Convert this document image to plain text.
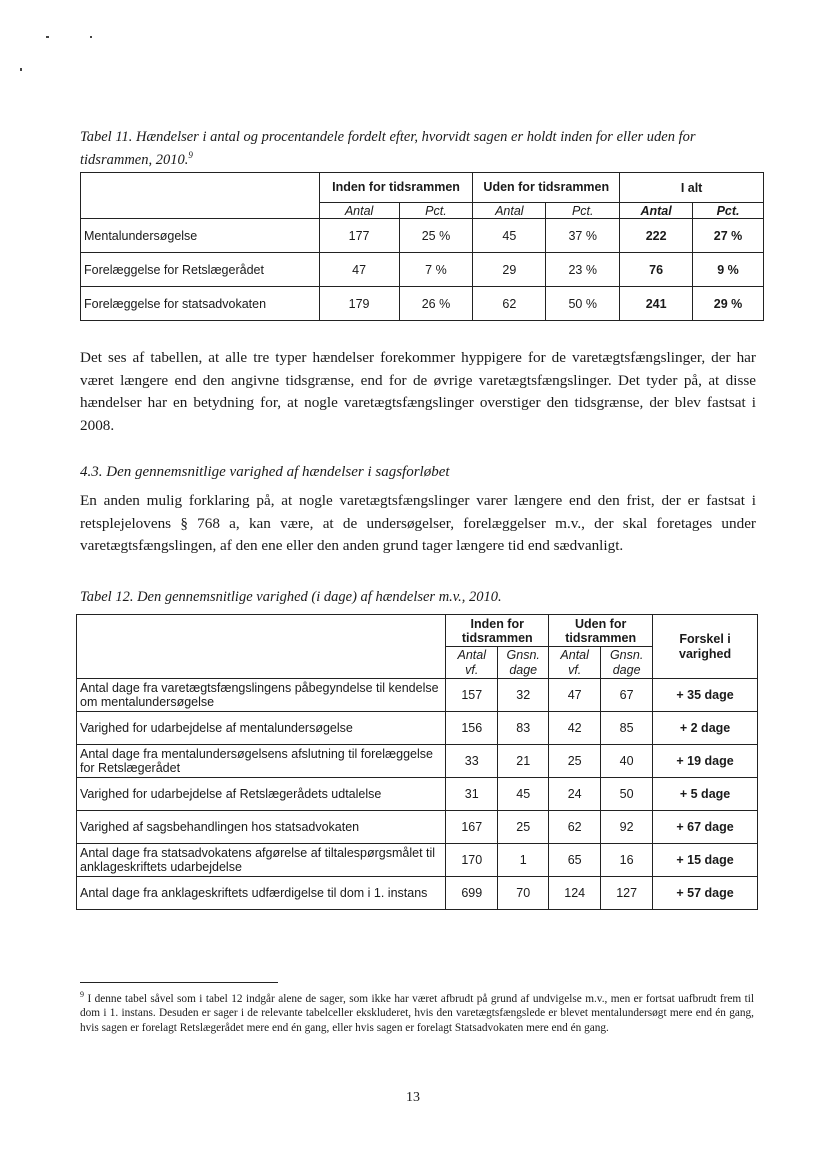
Tabel 11. Hændelser i antal og procentandele fordelt efter, hvorvidt sagen er holdt inden for eller uden for tidsrammen, 2010.$^9$
	Inden for tidsrammen		Uden for tidsrammen		I alt	
	Antal	Pct.	Antal	Pct.	Antal	Pct.
Mentalundersøgelse	177	25 %	45	37 %	222	27 %
Forelæggelse for Retslægerådet	47	7 %	29	23 %	76	9 %
Forelæggelse for statsadvokaten	179	26 %	62	50 %	241	29 %
Det ses af tabellen, at alle tre typer hændelser forekommer hyppigere for de varetægtsfængslinger, der har været længere end den angivne tidsgrænse, end for de øvrige varetægtsfængslinger. Det tyder på, at disse hændelser har en betydning for, at nogle varetægtsfængslinger overstiger den tidsgrænse, der blev fastsat i 2008.
4.3. Den gennemsnitlige varighed af hændelser i sagsforløbet
En anden mulig forklaring på, at nogle varetægtsfængslinger varer længere end den frist, der er fastsat i retsplejelovens § 768 a, kan være, at de undersøgelser, forelæggelser m.v., der skal foretages under varetægtsfængslingen, af den ene eller den anden grund tager længere tid end sædvanligt.
Tabel 12. Den gennemsnitlige varighed (i dage) af hændelser m.v., 2010.
	Inden for tidsrammen		Uden for tidsrammen		Forskel i varighed
	Antal vf.	Gnsn. dage	Antal vf.	Gnsn. dage	
Antal dage fra varetægtsfængslingens påbegyndelse til kendelse om mentalundersøgelse	157	32	47	67	+ 35 dage
Varighed for udarbejdelse af mentalundersøgelse	156	83	42	85	+ 2 dage
Antal dage fra mentalundersøgelsens afslutning til forelæggelse for Retslægerådet	33	21	25	40	+ 19 dage
Varighed for udarbejdelse af Retslægerådets udtalelse	31	45	24	50	+ 5 dage
Varighed af sagsbehandlingen hos statsadvokaten	167	25	62	92	+ 67 dage
Antal dage fra statsadvokatens afgørelse af tiltalespørgsmålet til anklageskriftets udarbejdelse	170	1	65	16	+ 15 dage
Antal dage fra anklageskriftets udfærdigelse til dom i 1. instans	699	70	124	127	+ 57 dage
$^9$ I denne tabel såvel som i tabel 12 indgår alene de sager, som ikke har været afbrudt på grund af undvigelse m.v., men er fortsat uafbrudt frem til dom i 1. instans. Desuden er sager i de relevante tabelceller ekskluderet, hvis den varetægtsfængslede er blevet mentalundersøgt mere end én gang, hvis sagen er forelagt Retslægerådet mere end én gang, eller hvis sagen er forelagt Statsadvokaten mere end én gang.
13
